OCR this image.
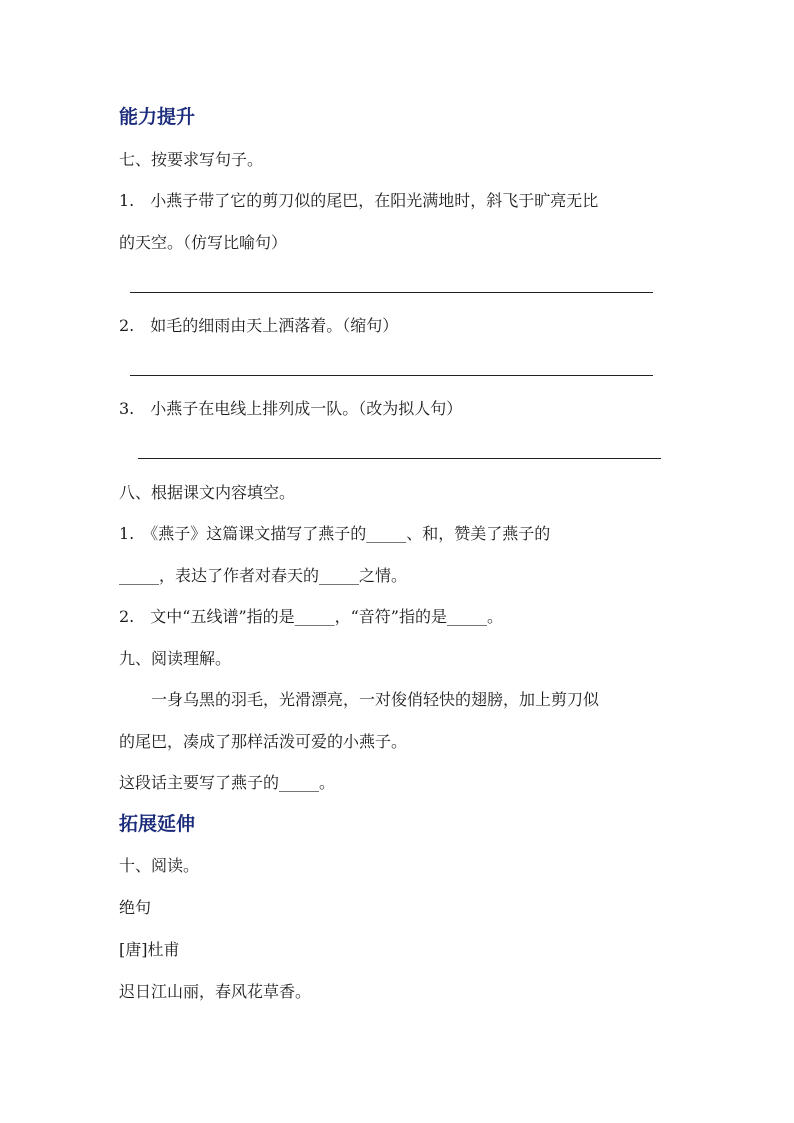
能力提升
七、按要求写句子。
1.　小燕子带了它的剪刀似的尾巴，在阳光满地时，斜飞于旷亮无比
的天空。（仿写比喻句）
2.　如毛的细雨由天上洒落着。（缩句）
3.　小燕子在电线上排列成一队。（改为拟人句）
八、根据课文内容填空。
1.　《燕子》这篇课文描写了燕子的_____、和，赞美了燕子的
_____，表达了作者对春天的_____之情。
2.　文中“五线谱”指的是_____，“音符”指的是_____。
九、阅读理解。
　　一身乌黑的羽毛，光滑漂亮，一对俊俏轻快的翅膀，加上剪刀似
的尾巴，凑成了那样活泼可爱的小燕子。
这段话主要写了燕子的_____。
拓展延伸
十、阅读。
绝句
[唐]杜甫
迟日江山丽，春风花草香。
